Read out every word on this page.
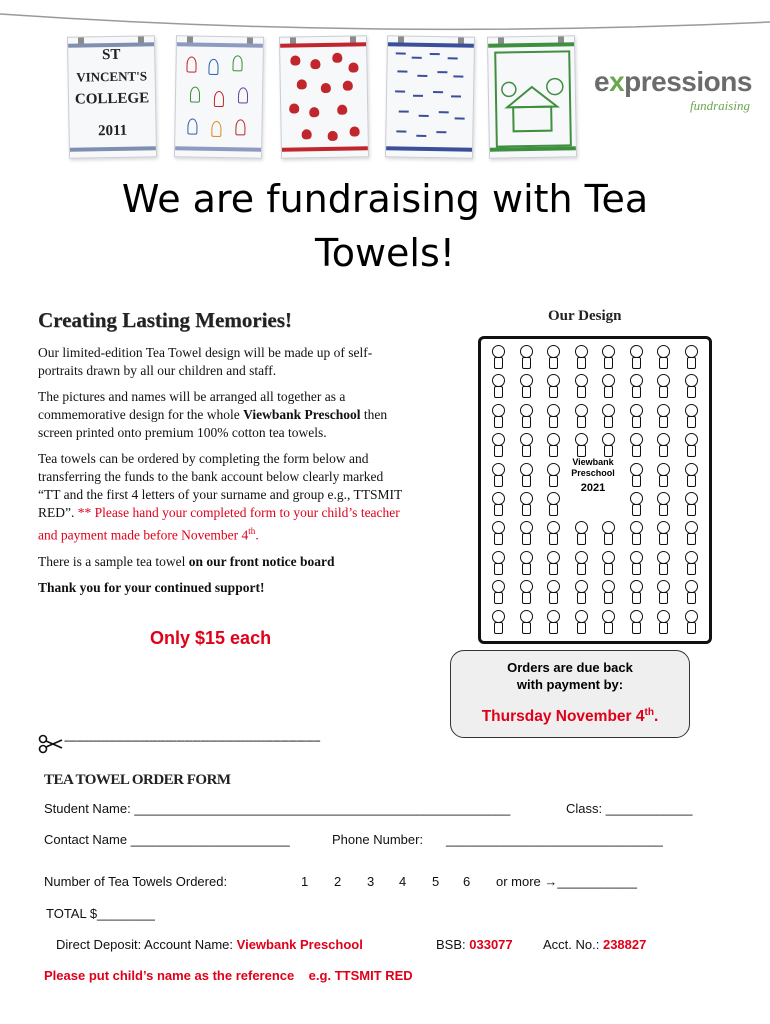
ST
VINCENT'S
COLLEGE
2011
expressions
fundraising
We are fundraising with Tea
Towels!
Creating Lasting Memories!

Our limited-edition Tea Towel design will be made up of self-portraits drawn by all our children and staff.

The pictures and names will be arranged all together as a commemorative design for the whole Viewbank Preschool then screen printed onto premium 100% cotton tea towels.

Tea towels can be ordered by completing the form below and transferring the funds to the bank account below clearly marked “TT and the first 4 letters of your surname and group e.g., TTSMIT RED”. ** Please hand your completed form to your child’s teacher and payment made before November 4th.

There is a sample tea towel on our front notice board

Thank you for your continued support!

Only $15 each
Our Design
Viewbank
Preschool
2021
Orders are due back
with payment by:
Thursday November 4th.
------------------------------------------------------------------------------------------------
TEA TOWEL ORDER FORM
Student Name: ____________________________________________________	Class: ____________
Contact Name ______________________	Phone Number: ______________________________
Number of Tea Towels Ordered:	1 2 3 4 5 6 or more →___________
TOTAL $________
Direct Deposit: Account Name: Viewbank Preschool	BSB: 033077 Acct. No.: 238827
Please put child’s name as the reference    e.g. TTSMIT RED
